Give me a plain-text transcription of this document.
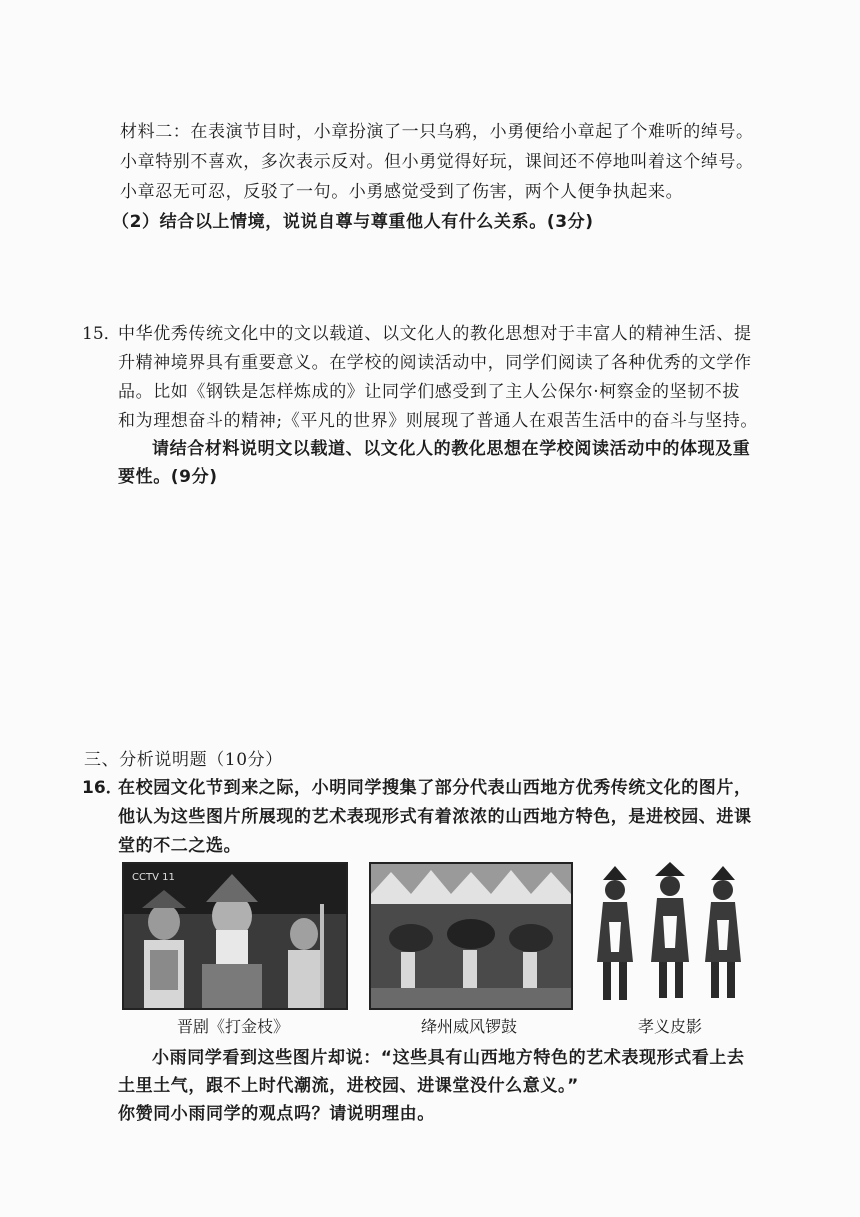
材料二：在表演节目时，小章扮演了一只乌鸦，小勇便给小章起了个难听的绰号。
小章特别不喜欢，多次表示反对。但小勇觉得好玩，课间还不停地叫着这个绰号。
小章忍无可忍，反驳了一句。小勇感觉受到了伤害，两个人便争执起来。
（2）结合以上情境，说说自尊与尊重他人有什么关系。(3分)
15．
中华优秀传统文化中的文以载道、以文化人的教化思想对于丰富人的精神生活、提
升精神境界具有重要意义。在学校的阅读活动中，同学们阅读了各种优秀的文学作
品。比如《钢铁是怎样炼成的》让同学们感受到了主人公保尔·柯察金的坚韧不拔
和为理想奋斗的精神;《平凡的世界》则展现了普通人在艰苦生活中的奋斗与坚持。
请结合材料说明文以载道、以文化人的教化思想在学校阅读活动中的体现及重
要性。(9分)
三、分析说明题（10分）
16．
在校园文化节到来之际，小明同学搜集了部分代表山西地方优秀传统文化的图片，
他认为这些图片所展现的艺术表现形式有着浓浓的山西地方特色，是进校园、进课
堂的不二之选。
CCTV 11
晋剧《打金枝》	绛州威风锣鼓	孝义皮影
小雨同学看到这些图片却说：“这些具有山西地方特色的艺术表现形式看上去
土里土气，跟不上时代潮流，进校园、进课堂没什么意义。”
你赞同小雨同学的观点吗？请说明理由。
